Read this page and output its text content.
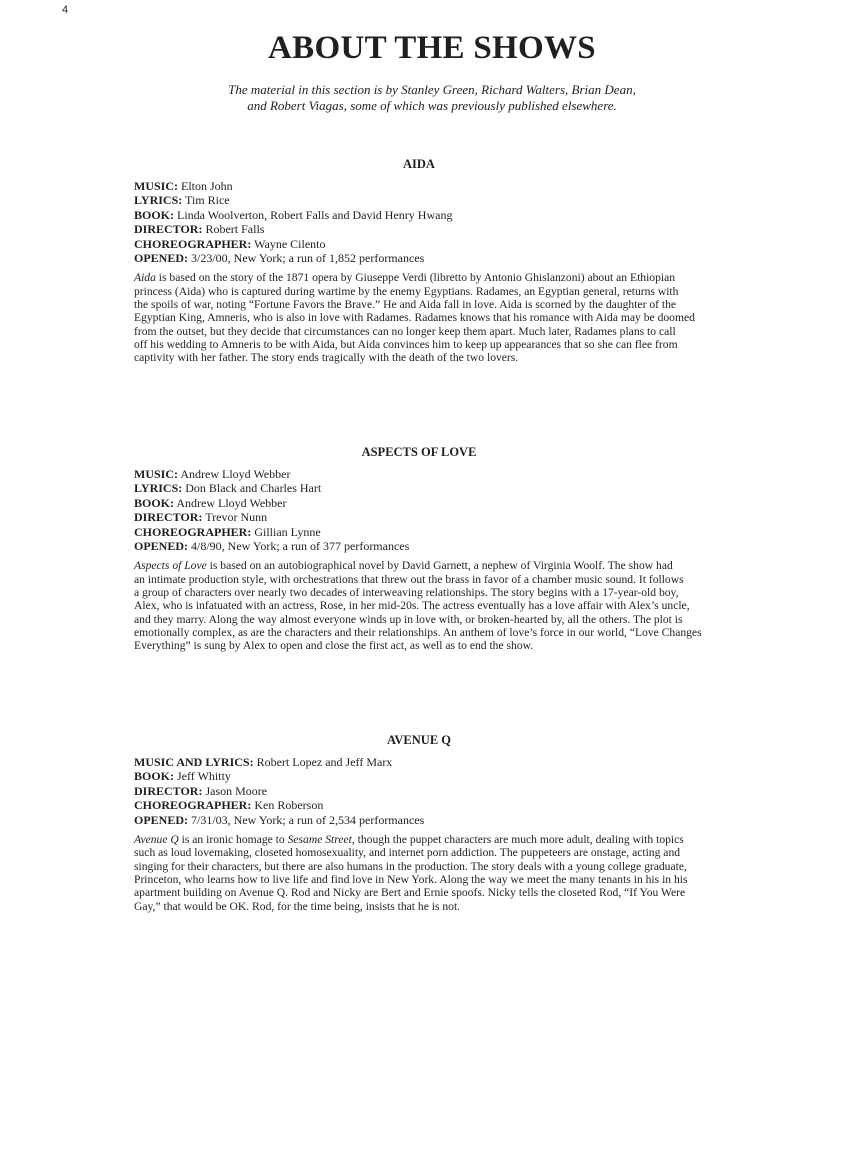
4
ABOUT THE SHOWS
The material in this section is by Stanley Green, Richard Walters, Brian Dean,
and Robert Viagas, some of which was previously published elsewhere.
AIDA
MUSIC: Elton John
LYRICS: Tim Rice
BOOK: Linda Woolverton, Robert Falls and David Henry Hwang
DIRECTOR: Robert Falls
CHOREOGRAPHER: Wayne Cilento
OPENED: 3/23/00, New York; a run of 1,852 performances
Aida is based on the story of the 1871 opera by Giuseppe Verdi (libretto by Antonio Ghislanzoni) about an Ethiopian
princess (Aida) who is captured during wartime by the enemy Egyptians. Radames, an Egyptian general, returns with
the spoils of war, noting “Fortune Favors the Brave.” He and Aida fall in love. Aida is scorned by the daughter of the
Egyptian King, Amneris, who is also in love with Radames. Radames knows that his romance with Aida may be doomed
from the outset, but they decide that circumstances can no longer keep them apart. Much later, Radames plans to call
off his wedding to Amneris to be with Aida, but Aida convinces him to keep up appearances that so she can flee from
captivity with her father. The story ends tragically with the death of the two lovers.
ASPECTS OF LOVE
MUSIC: Andrew Lloyd Webber
LYRICS: Don Black and Charles Hart
BOOK: Andrew Lloyd Webber
DIRECTOR: Trevor Nunn
CHOREOGRAPHER: Gillian Lynne
OPENED: 4/8/90, New York; a run of 377 performances
Aspects of Love is based on an autobiographical novel by David Garnett, a nephew of Virginia Woolf. The show had
an intimate production style, with orchestrations that threw out the brass in favor of a chamber music sound. It follows
a group of characters over nearly two decades of interweaving relationships. The story begins with a 17-year-old boy,
Alex, who is infatuated with an actress, Rose, in her mid-20s. The actress eventually has a love affair with Alex’s uncle,
and they marry. Along the way almost everyone winds up in love with, or broken-hearted by, all the others. The plot is
emotionally complex, as are the characters and their relationships. An anthem of love’s force in our world, “Love Changes
Everything” is sung by Alex to open and close the first act, as well as to end the show.
AVENUE Q
MUSIC AND LYRICS: Robert Lopez and Jeff Marx
BOOK: Jeff Whitty
DIRECTOR: Jason Moore
CHOREOGRAPHER: Ken Roberson
OPENED: 7/31/03, New York; a run of 2,534 performances
Avenue Q is an ironic homage to Sesame Street, though the puppet characters are much more adult, dealing with topics
such as loud lovemaking, closeted homosexuality, and internet porn addiction. The puppeteers are onstage, acting and
singing for their characters, but there are also humans in the production. The story deals with a young college graduate,
Princeton, who learns how to live life and find love in New York. Along the way we meet the many tenants in his in his
apartment building on Avenue Q. Rod and Nicky are Bert and Ernie spoofs. Nicky tells the closeted Rod, “If You Were
Gay,” that would be OK. Rod, for the time being, insists that he is not.
